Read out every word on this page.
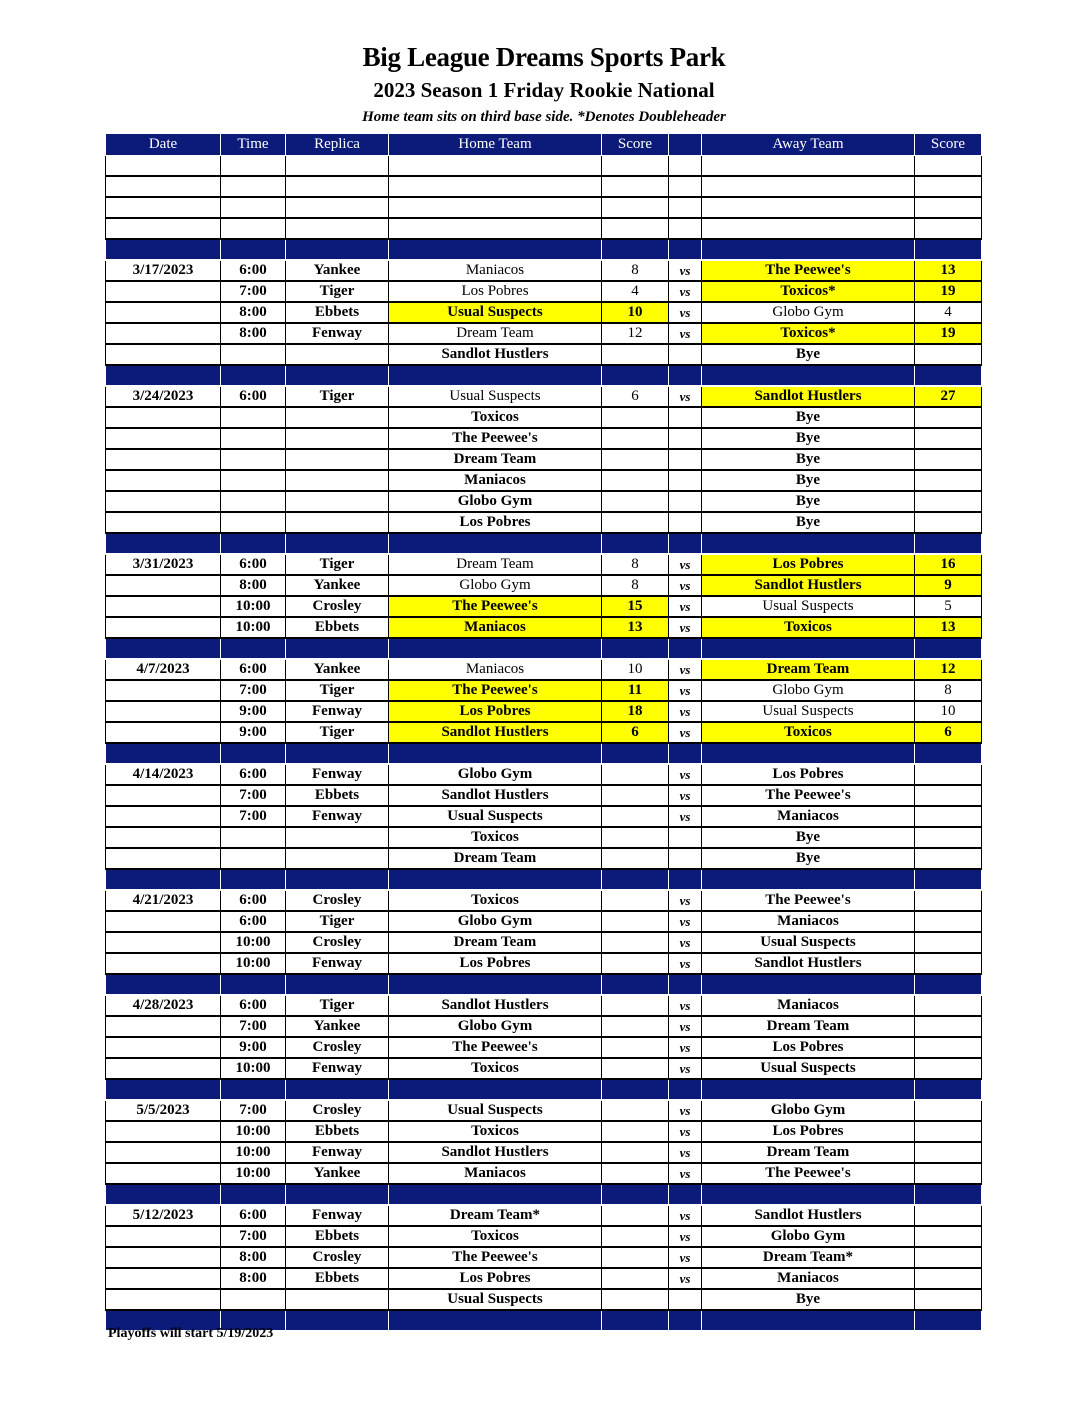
Big League Dreams Sports Park
2023 Season 1 Friday Rookie National
Home team sits on third base side. *Denotes Doubleheader
Date	Time	Replica	Home Team	Score		Away Team	Score

3/17/2023	6:00	Yankee	Maniacos	8	vs	The Peewee's	13
	7:00	Tiger	Los Pobres	4	vs	Toxicos*	19
	8:00	Ebbets	Usual Suspects	10	vs	Globo Gym	4
	8:00	Fenway	Dream Team	12	vs	Toxicos*	19
			Sandlot Hustlers			Bye	

3/24/2023	6:00	Tiger	Usual Suspects	6	vs	Sandlot Hustlers	27
			Toxicos			Bye	
			The Peewee's			Bye	
			Dream Team			Bye	
			Maniacos			Bye	
			Globo Gym			Bye	
			Los Pobres			Bye	

3/31/2023	6:00	Tiger	Dream Team	8	vs	Los Pobres	16
	8:00	Yankee	Globo Gym	8	vs	Sandlot Hustlers	9
	10:00	Crosley	The Peewee's	15	vs	Usual Suspects	5
	10:00	Ebbets	Maniacos	13	vs	Toxicos	13

4/7/2023	6:00	Yankee	Maniacos	10	vs	Dream Team	12
	7:00	Tiger	The Peewee's	11	vs	Globo Gym	8
	9:00	Fenway	Los Pobres	18	vs	Usual Suspects	10
	9:00	Tiger	Sandlot Hustlers	6	vs	Toxicos	6

4/14/2023	6:00	Fenway	Globo Gym		vs	Los Pobres	
	7:00	Ebbets	Sandlot Hustlers		vs	The Peewee's	
	7:00	Fenway	Usual Suspects		vs	Maniacos	
			Toxicos			Bye	
			Dream Team			Bye	

4/21/2023	6:00	Crosley	Toxicos		vs	The Peewee's	
	6:00	Tiger	Globo Gym		vs	Maniacos	
	10:00	Crosley	Dream Team		vs	Usual Suspects	
	10:00	Fenway	Los Pobres		vs	Sandlot Hustlers	

4/28/2023	6:00	Tiger	Sandlot Hustlers		vs	Maniacos	
	7:00	Yankee	Globo Gym		vs	Dream Team	
	9:00	Crosley	The Peewee's		vs	Los Pobres	
	10:00	Fenway	Toxicos		vs	Usual Suspects	

5/5/2023	7:00	Crosley	Usual Suspects		vs	Globo Gym	
	10:00	Ebbets	Toxicos		vs	Los Pobres	
	10:00	Fenway	Sandlot Hustlers		vs	Dream Team	
	10:00	Yankee	Maniacos		vs	The Peewee's	

5/12/2023	6:00	Fenway	Dream Team*		vs	Sandlot Hustlers	
	7:00	Ebbets	Toxicos		vs	Globo Gym	
	8:00	Crosley	The Peewee's		vs	Dream Team*	
	8:00	Ebbets	Los Pobres		vs	Maniacos	
			Usual Suspects			Bye	

Playoffs will start 5/19/2023
